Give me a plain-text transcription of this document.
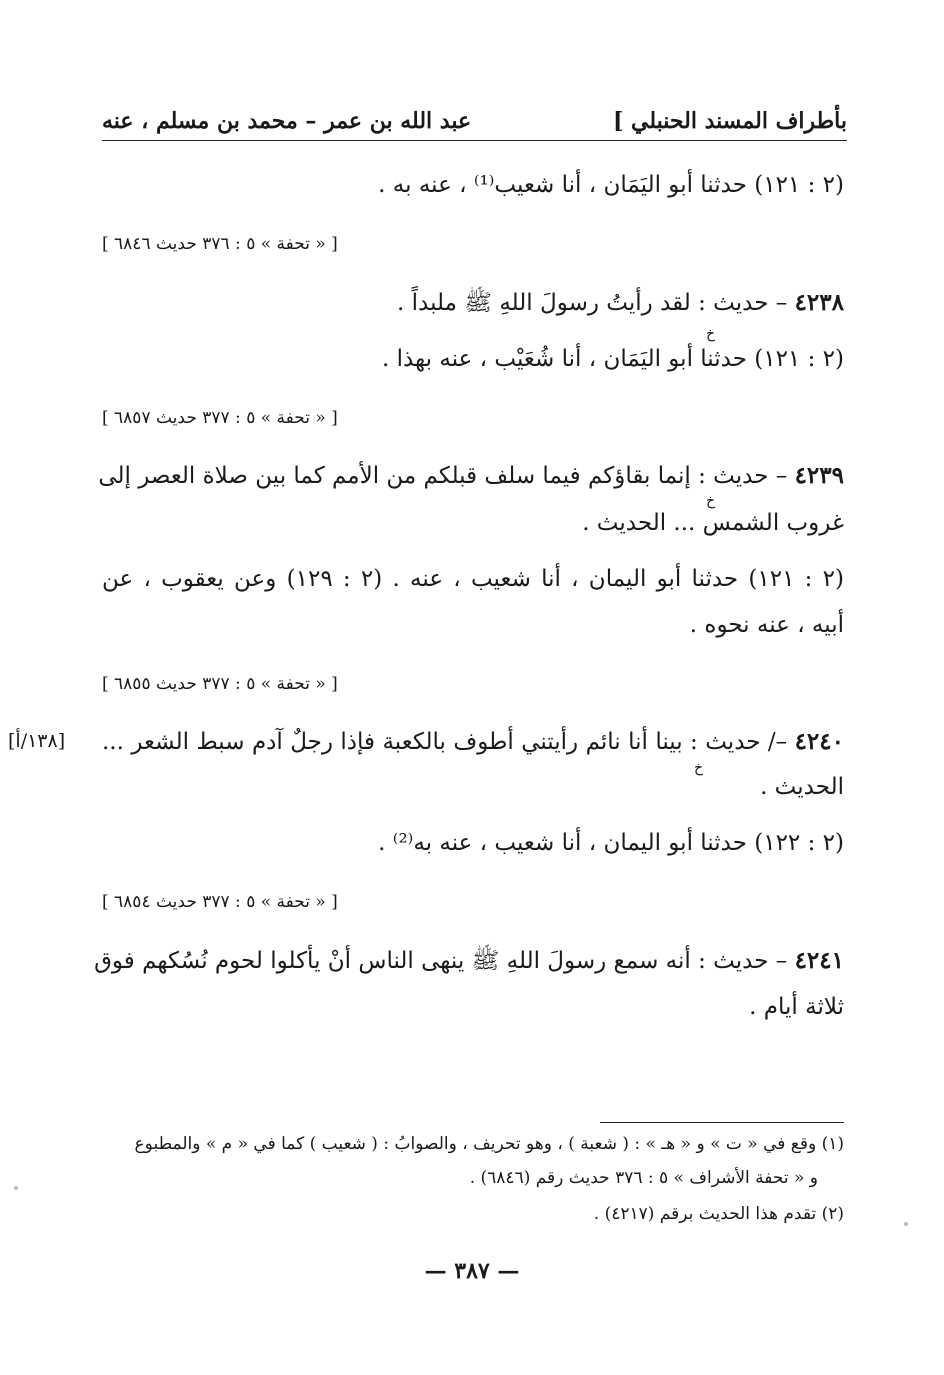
عبد الله بن عمر – محمد بن مسلم ، عنه	بأطراف المسند الحنبلي ]
(٢ : ١٢١) حدثنا أبو اليَمَان ، أنا شعيب⁽¹⁾ ، عنه به .
[ « تحفة » ٥ : ٣٧٦ حديث ٦٨٤٦ ]
٤٢٣٨ – حديث : لقد رأيتُ رسولَ اللهِ ﷺ ملبداً .
خ
(٢ : ١٢١) حدثنا أبو اليَمَان ، أنا شُعَيْب ، عنه بهذا .
[ « تحفة » ٥ : ٣٧٧ حديث ٦٨٥٧ ]
٤٢٣٩ – حديث : إنما بقاؤكم فيما سلف قبلكم من الأمم كما بين صلاة العصر إلى
خ
غروب الشمس ... الحديث .
(٢ : ١٢١) حدثنا أبو اليمان ، أنا شعيب ، عنه . (٢ : ١٢٩) وعن يعقوب ، عن
أبيه ، عنه نحوه .
[ « تحفة » ٥ : ٣٧٧ حديث ٦٨٥٥ ]
٤٢٤٠ –/ حديث : بينا أنا نائم رأيتني أطوف بالكعبة فإذا رجلٌ آدم سبط الشعر ...
[١٣٨/أ]
خ
الحديث .
(٢ : ١٢٢) حدثنا أبو اليمان ، أنا شعيب ، عنه به⁽²⁾ .
[ « تحفة » ٥ : ٣٧٧ حديث ٦٨٥٤ ]
٤٢٤١ – حديث : أنه سمع رسولَ اللهِ ﷺ ينهى الناس أنْ يأكلوا لحوم نُسُكهم فوق
ثلاثة أيام .
(١) وقع في « ت » و « هـ » : ( شعبة ) ، وهو تحريف ، والصوابُ : ( شعيب ) كما في « م » والمطبوع
و « تحفة الأشراف » ٥ : ٣٧٦ حديث رقم (٦٨٤٦) .
(٢) تقدم هذا الحديث برقم (٤٢١٧) .
— ٣٨٧ —
